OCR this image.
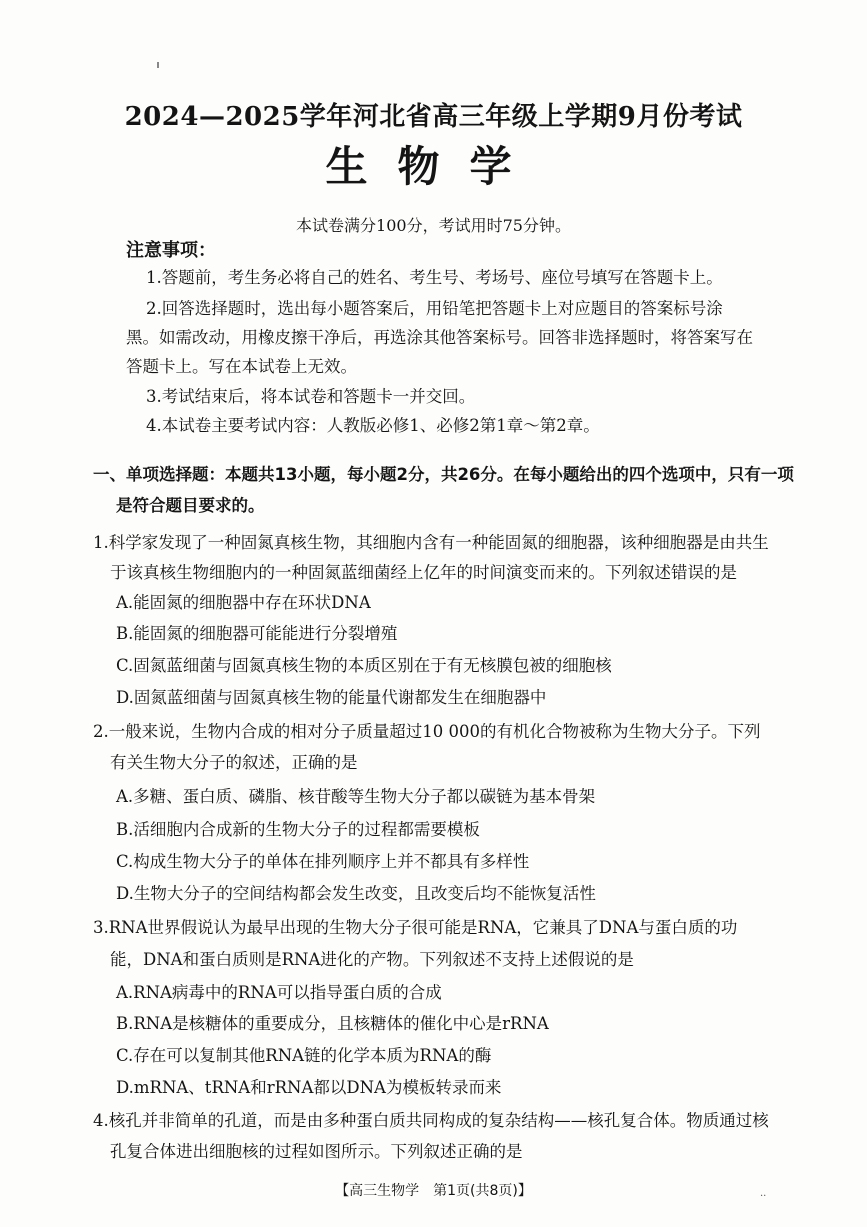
2024—2025学年河北省高三年级上学期9月份考试
生物学
本试卷满分100分，考试用时75分钟。
注意事项：
1.答题前，考生务必将自己的姓名、考生号、考场号、座位号填写在答题卡上。
2.回答选择题时，选出每小题答案后，用铅笔把答题卡上对应题目的答案标号涂
黑。如需改动，用橡皮擦干净后，再选涂其他答案标号。回答非选择题时，将答案写在
答题卡上。写在本试卷上无效。
3.考试结束后，将本试卷和答题卡一并交回。
4.本试卷主要考试内容：人教版必修1、必修2第1章～第2章。
一、单项选择题：本题共13小题，每小题2分，共26分。在每小题给出的四个选项中，只有一项
是符合题目要求的。
1.科学家发现了一种固氮真核生物，其细胞内含有一种能固氮的细胞器，该种细胞器是由共生
于该真核生物细胞内的一种固氮蓝细菌经上亿年的时间演变而来的。下列叙述错误的是
A.能固氮的细胞器中存在环状DNA
B.能固氮的细胞器可能能进行分裂增殖
C.固氮蓝细菌与固氮真核生物的本质区别在于有无核膜包被的细胞核
D.固氮蓝细菌与固氮真核生物的能量代谢都发生在细胞器中
2.一般来说，生物内合成的相对分子质量超过10 000的有机化合物被称为生物大分子。下列
有关生物大分子的叙述，正确的是
A.多糖、蛋白质、磷脂、核苷酸等生物大分子都以碳链为基本骨架
B.活细胞内合成新的生物大分子的过程都需要模板
C.构成生物大分子的单体在排列顺序上并不都具有多样性
D.生物大分子的空间结构都会发生改变，且改变后均不能恢复活性
3.RNA世界假说认为最早出现的生物大分子很可能是RNA，它兼具了DNA与蛋白质的功
能，DNA和蛋白质则是RNA进化的产物。下列叙述不支持上述假说的是
A.RNA病毒中的RNA可以指导蛋白质的合成
B.RNA是核糖体的重要成分，且核糖体的催化中心是rRNA
C.存在可以复制其他RNA链的化学本质为RNA的酶
D.mRNA、tRNA和rRNA都以DNA为模板转录而来
4.核孔并非简单的孔道，而是由多种蛋白质共同构成的复杂结构——核孔复合体。物质通过核
孔复合体进出细胞核的过程如图所示。下列叙述正确的是
【高三生物学　第1页(共8页)】	..
